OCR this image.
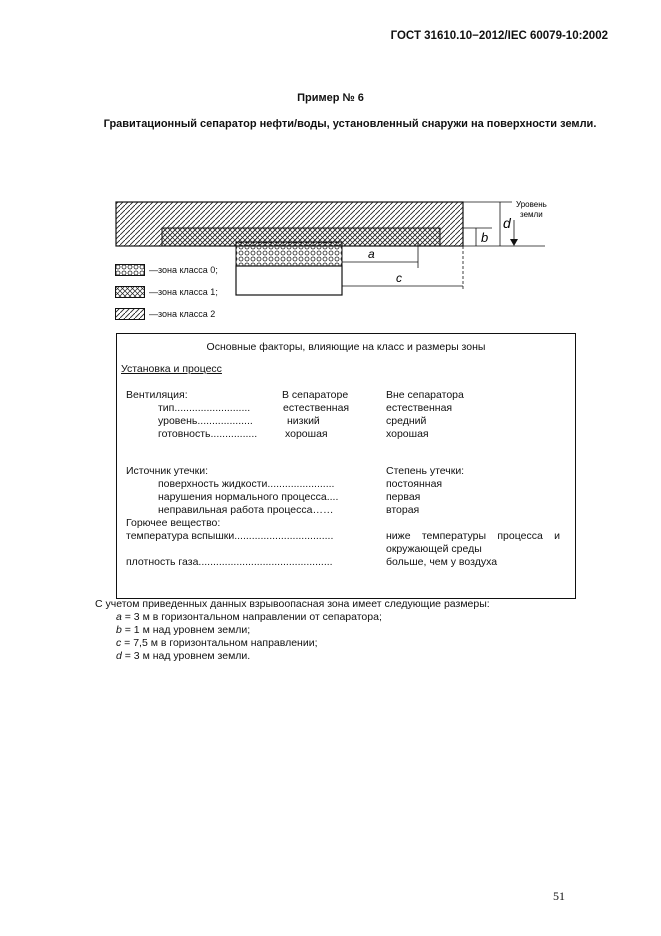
ГОСТ 31610.10−2012/IEC 60079-10:2002
Пример № 6
Гравитационный сепаратор нефти/воды, установленный снаружи на поверхности земли.
a
c
b
d
Уровень земли
—зона класса 0;
—зона класса 1;
—зона класса 2
Основные факторы, влияющие на класс и размеры зоны
Установка и процесс
Вентиляция:	В сепараторе	Вне сепаратора
тип..........................	естественная	естественная
уровень...................	низкий	средний
готовность................	хорошая	хорошая
Источник утечки:	Степень утечки:
поверхность жидкости.......................	постоянная
нарушения нормального процесса....	первая
неправильная работа процесса……	вторая
Горючее вещество:
температура вспышки..................................	ниже температуры процесса и окружающей среды
плотность газа..............................................	больше, чем у воздуха
С учетом приведенных данных взрывоопасная зона имеет следующие размеры:
a = 3 м в горизонтальном направлении от сепаратора;
b = 1 м над уровнем земли;
c = 7,5 м в горизонтальном направлении;
d = 3 м над уровнем земли.
51
